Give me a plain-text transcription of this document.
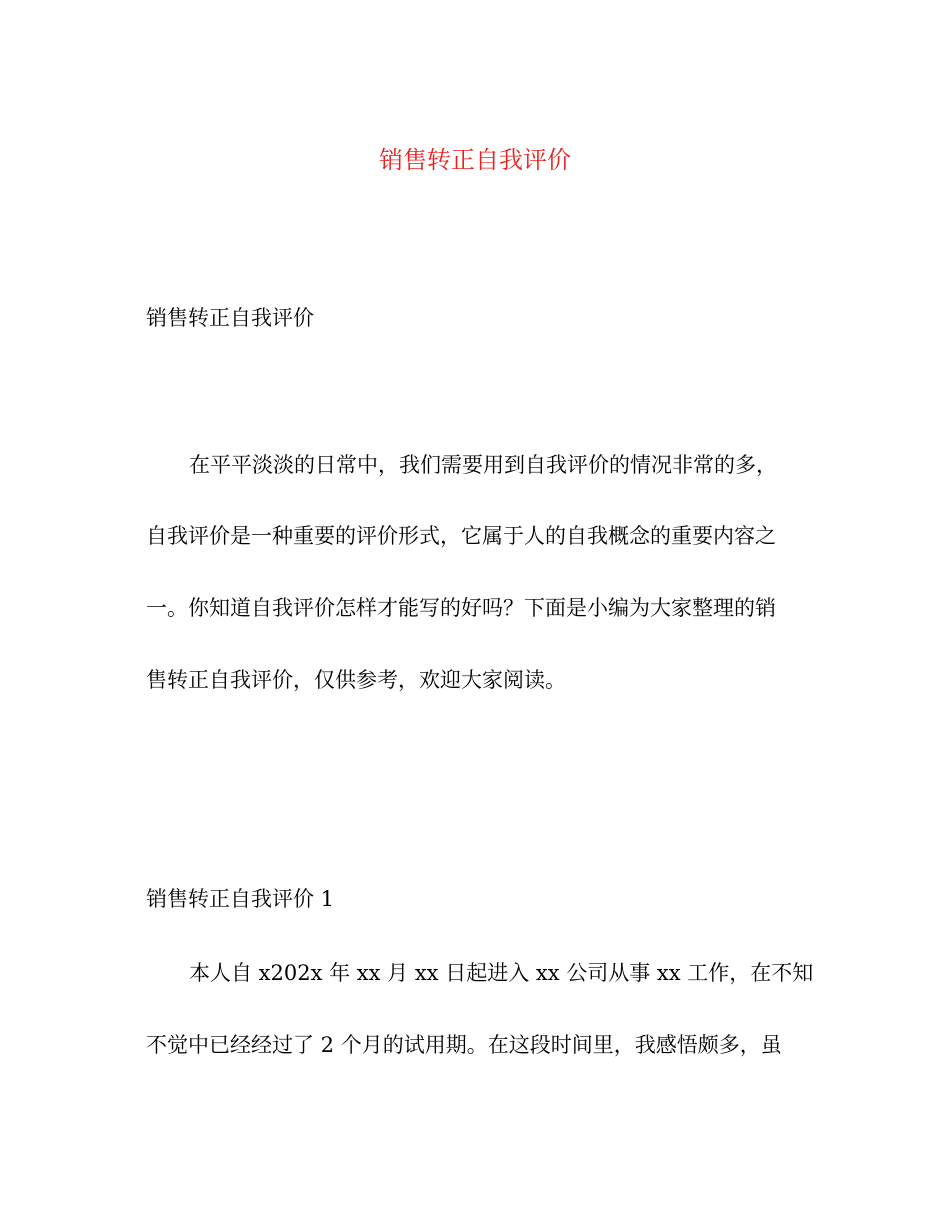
销售转正自我评价
销售转正自我评价
在平平淡淡的日常中，我们需要用到自我评价的情况非常的多，
自我评价是一种重要的评价形式，它属于人的自我概念的重要内容之
一。你知道自我评价怎样才能写的好吗？下面是小编为大家整理的销
售转正自我评价，仅供参考，欢迎大家阅读。
销售转正自我评价 1
本人自 x202x 年 xx 月 xx 日起进入 xx 公司从事 xx 工作，在不知
不觉中已经经过了 2 个月的试用期。在这段时间里，我感悟颇多，虽
